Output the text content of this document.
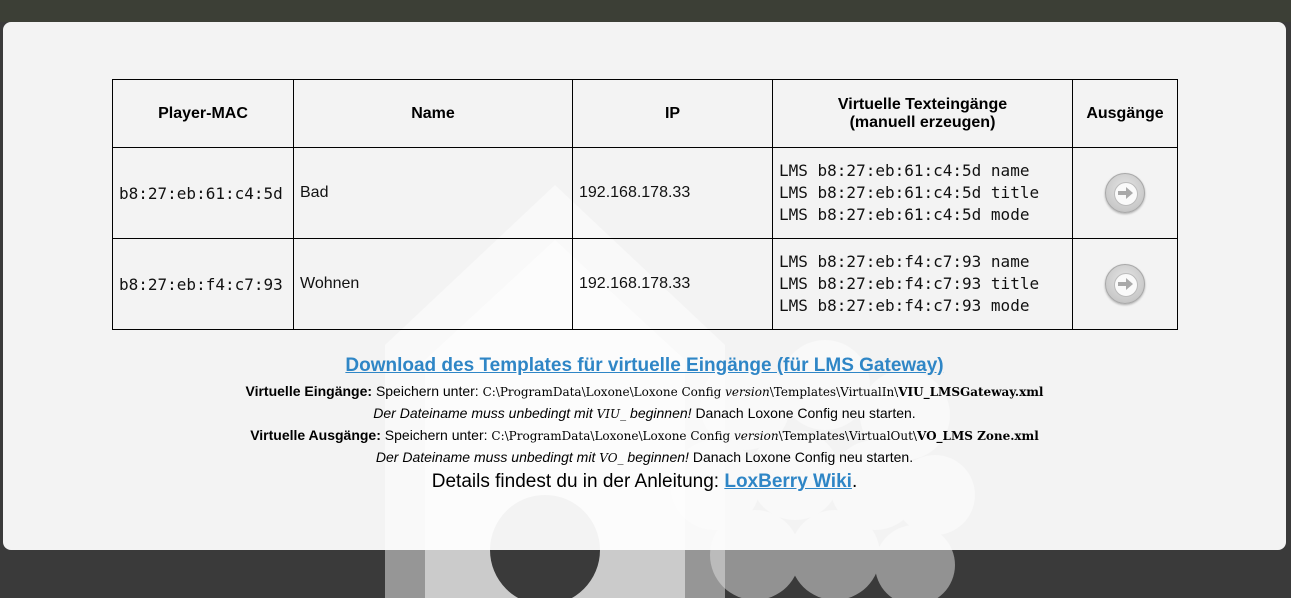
Player-MAC	Name	IP	Virtuelle Texteingänge
(manuell erzeugen)	Ausgänge
b8:27:eb:61:c4:5d	Bad	192.168.178.33	LMS b8:27:eb:61:c4:5d name
LMS b8:27:eb:61:c4:5d title
LMS b8:27:eb:61:c4:5d mode

b8:27:eb:f4:c7:93	Wohnen	192.168.178.33	LMS b8:27:eb:f4:c7:93 name
LMS b8:27:eb:f4:c7:93 title
LMS b8:27:eb:f4:c7:93 mode

Download des Templates für virtuelle Eingänge (für LMS Gateway)
Virtuelle Eingänge: Speichern unter: C:\ProgramData\Loxone\Loxone Config version\Templates\VirtualIn\VIU_LMSGateway.xml
Der Dateiname muss unbedingt mit VIU_ beginnen! Danach Loxone Config neu starten.
Virtuelle Ausgänge: Speichern unter: C:\ProgramData\Loxone\Loxone Config version\Templates\VirtualOut\VO_LMS Zone.xml
Der Dateiname muss unbedingt mit VO_ beginnen! Danach Loxone Config neu starten.
Details findest du in der Anleitung: LoxBerry Wiki.
